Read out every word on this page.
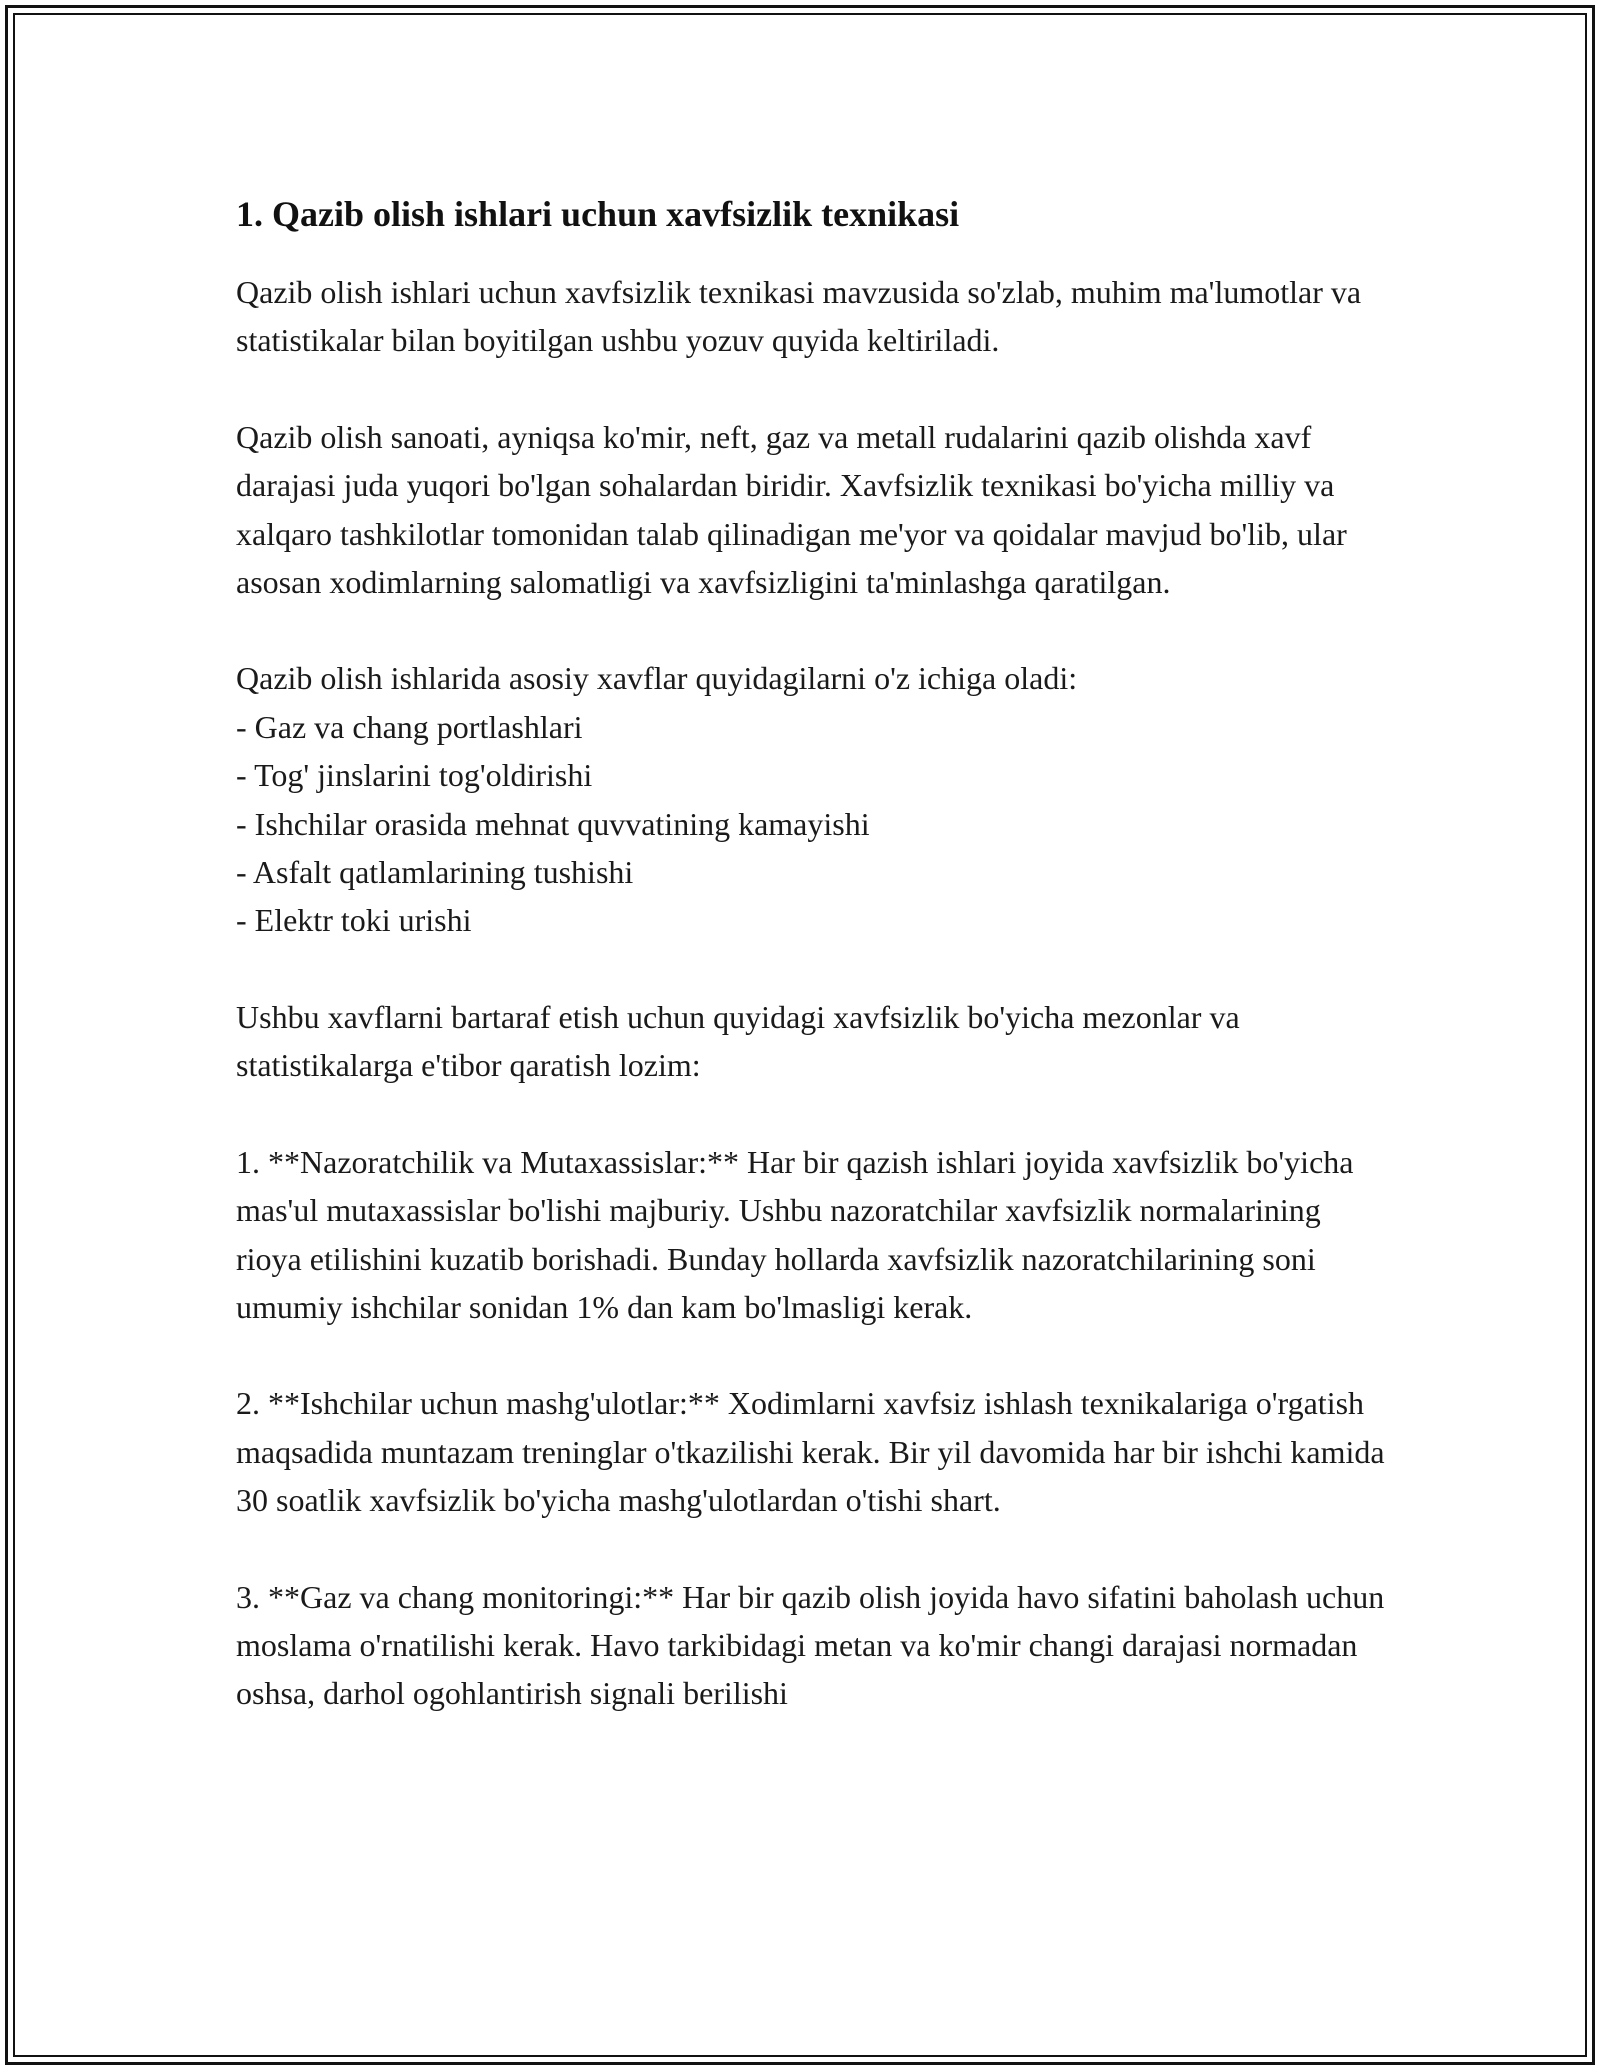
1. Qazib olish ishlari uchun xavfsizlik texnikasi

Qazib olish ishlari uchun xavfsizlik texnikasi mavzusida so'zlab, muhim ma'lumotlar va statistikalar bilan boyitilgan ushbu yozuv quyida keltiriladi.

Qazib olish sanoati, ayniqsa ko'mir, neft, gaz va metall rudalarini qazib olishda xavf darajasi juda yuqori bo'lgan sohalardan biridir. Xavfsizlik texnikasi bo'yicha milliy va xalqaro tashkilotlar tomonidan talab qilinadigan me'yor va qoidalar mavjud bo'lib, ular asosan xodimlarning salomatligi va xavfsizligini ta'minlashga qaratilgan.

Qazib olish ishlarida asosiy xavflar quyidagilarni o'z ichiga oladi:
- Gaz va chang portlashlari
- Tog' jinslarini tog'oldirishi
- Ishchilar orasida mehnat quvvatining kamayishi
- Asfalt qatlamlarining tushishi
- Elektr toki urishi

Ushbu xavflarni bartaraf etish uchun quyidagi xavfsizlik bo'yicha mezonlar va statistikalarga e'tibor qaratish lozim:

1. **Nazoratchilik va Mutaxassislar:** Har bir qazish ishlari joyida xavfsizlik bo'yicha mas'ul mutaxassislar bo'lishi majburiy. Ushbu nazoratchilar xavfsizlik normalarining rioya etilishini kuzatib borishadi. Bunday hollarda xavfsizlik nazoratchilarining soni umumiy ishchilar sonidan 1% dan kam bo'lmasligi kerak.

2. **Ishchilar uchun mashg'ulotlar:** Xodimlarni xavfsiz ishlash texnikalariga o'rgatish maqsadida muntazam treninglar o'tkazilishi kerak. Bir yil davomida har bir ishchi kamida 30 soatlik xavfsizlik bo'yicha mashg'ulotlardan o'tishi shart.

3. **Gaz va chang monitoringi:** Har bir qazib olish joyida havo sifatini baholash uchun moslama o'rnatilishi kerak. Havo tarkibidagi metan va ko'mir changi darajasi normadan oshsa, darhol ogohlantirish signali berilishi
